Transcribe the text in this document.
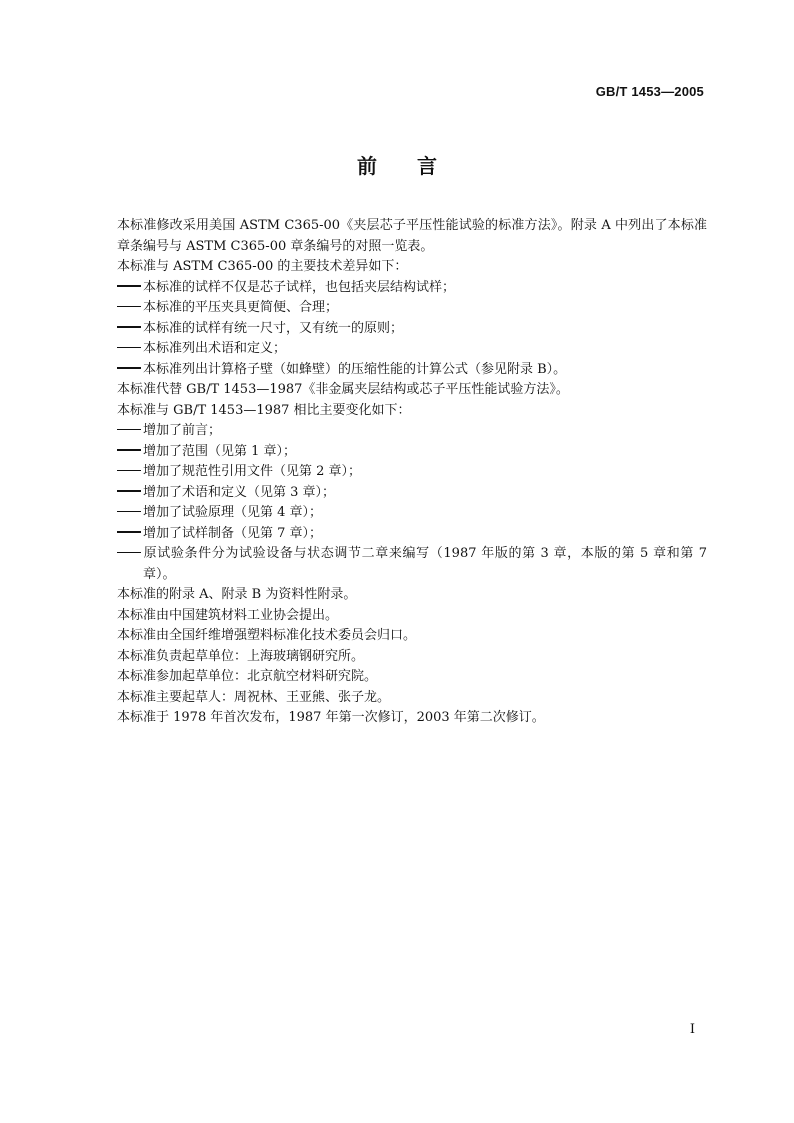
GB/T 1453—2005
前言

本标准修改采用美国 ASTM C365-00《夹层芯子平压性能试验的标准方法》。附录 A 中列出了本标准章条编号与 ASTM C365-00 章条编号的对照一览表。

本标准与 ASTM C365-00 的主要技术差异如下：

本标准的试样不仅是芯子试样，也包括夹层结构试样；

本标准的平压夹具更简便、合理；

本标准的试样有统一尺寸，又有统一的原则；

本标准列出术语和定义；

本标准列出计算格子壁（如蜂壁）的压缩性能的计算公式（参见附录 B）。

本标准代替 GB/T 1453—1987《非金属夹层结构或芯子平压性能试验方法》。

本标准与 GB/T 1453—1987 相比主要变化如下：

增加了前言；

增加了范围（见第 1 章）；

增加了规范性引用文件（见第 2 章）；

增加了术语和定义（见第 3 章）；

增加了试验原理（见第 4 章）；

增加了试样制备（见第 7 章）；

原试验条件分为试验设备与状态调节二章来编写（1987 年版的第 3 章，本版的第 5 章和第 7 章）。

本标准的附录 A、附录 B 为资料性附录。

本标准由中国建筑材料工业协会提出。

本标准由全国纤维增强塑料标准化技术委员会归口。

本标准负责起草单位：上海玻璃钢研究所。

本标准参加起草单位：北京航空材料研究院。

本标准主要起草人：周祝林、王亚熊、张子龙。

本标准于 1978 年首次发布，1987 年第一次修订，2003 年第二次修订。

I
